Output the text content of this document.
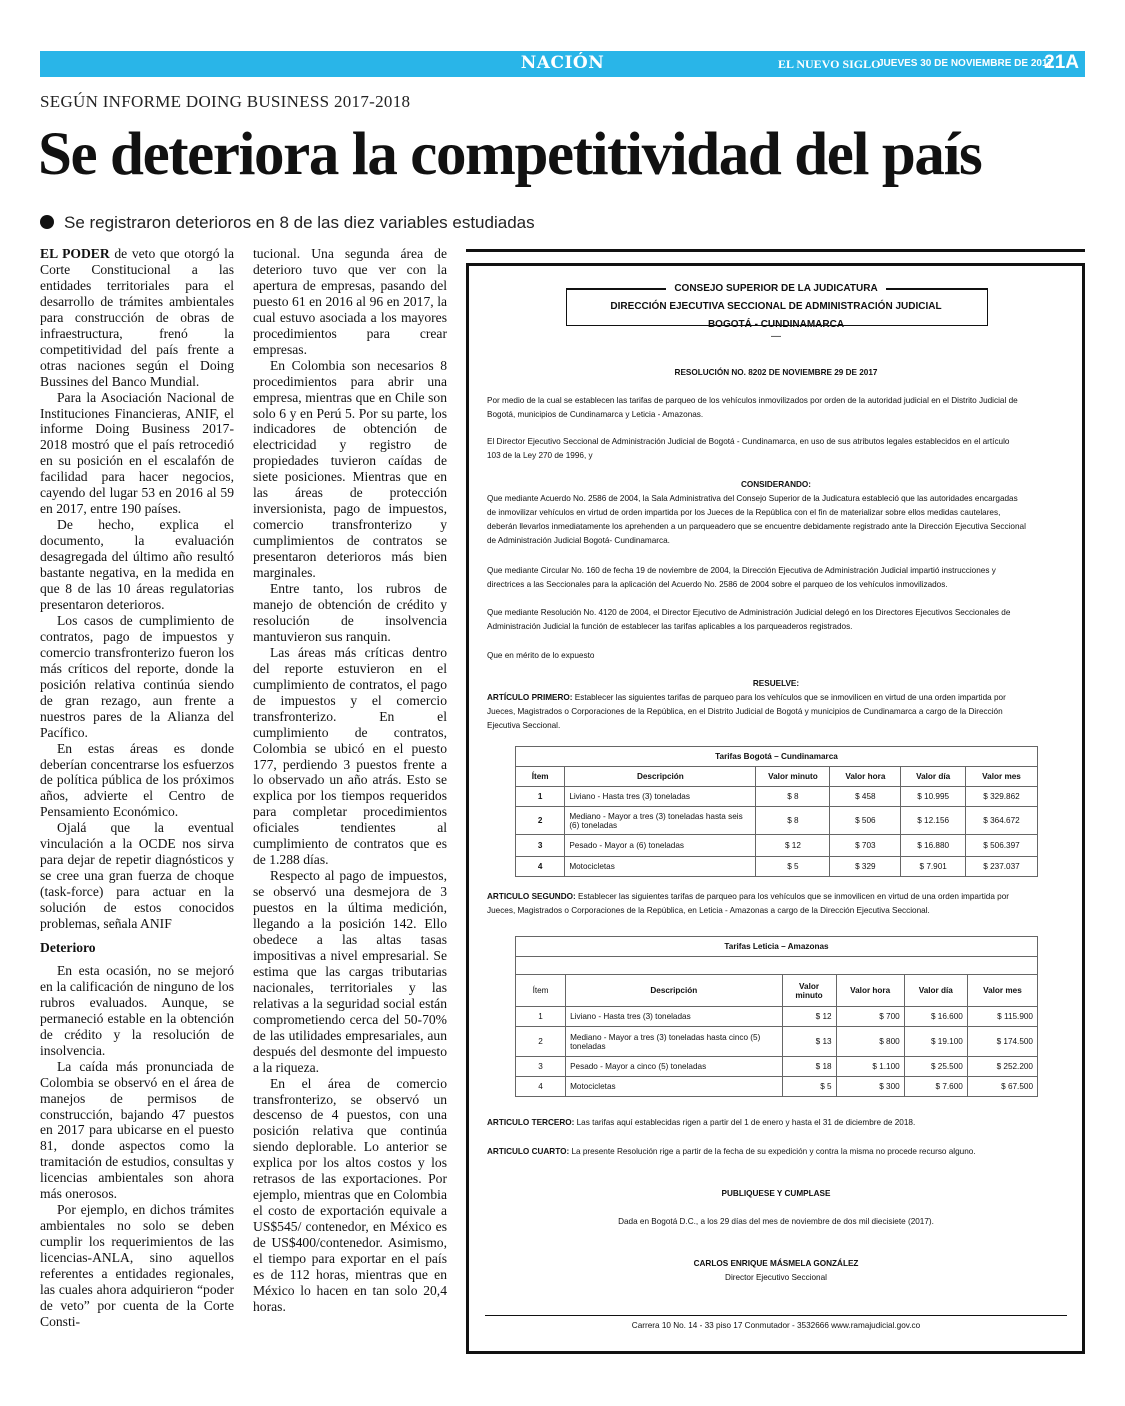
NACIÓN	EL NUEVO SIGLO
JUEVES 30 DE NOVIEMBRE DE 2017
21A
SEGÚN INFORME DOING BUSINESS 2017-2018
Se deteriora la competitividad del país
Se registraron deterioros en 8 de las diez variables estudiadas

EL PODER de veto que otorgó la Corte Constitucional a las entidades territoriales para el desarrollo de trámites ambientales para construcción de obras de infraestructura, frenó la competitividad del país frente a otras naciones según el Doing Bussines del Banco Mundial.

Para la Asociación Nacional de Instituciones Financieras, ANIF, el informe Doing Business 2017-2018 mostró que el país retrocedió en su posición en el escalafón de facilidad para hacer negocios, cayendo del lugar 53 en 2016 al 59 en 2017, entre 190 países.

De hecho, explica el documento, la evaluación desagregada del último año resultó bastante negativa, en la medida en que 8 de las 10 áreas regulatorias presentaron deterioros.

Los casos de cumplimiento de contratos, pago de impuestos y comercio transfronterizo fueron los más críticos del reporte, donde la posición relativa continúa siendo de gran rezago, aun frente a nuestros pares de la Alianza del Pacífico.

En estas áreas es donde deberían concentrarse los esfuerzos de política pública de los próximos años, advierte el Centro de Pensamiento Económico.

Ojalá que la eventual vinculación a la OCDE nos sirva para dejar de repetir diagnósticos y se cree una gran fuerza de choque (task-force) para actuar en la solución de estos conocidos problemas, señala ANIF

Deterioro

En esta ocasión, no se mejoró en la calificación de ninguno de los rubros evaluados. Aunque, se permaneció estable en la obtención de crédito y la resolución de insolvencia.

La caída más pronunciada de Colombia se observó en el área de manejos de permisos de construcción, bajando 47 puestos en 2017 para ubicarse en el puesto 81, donde aspectos como la tramitación de estudios, consultas y licencias ambientales son ahora más onerosos.

Por ejemplo, en dichos trámites ambientales no solo se deben cumplir los requerimientos de las licencias-ANLA, sino aquellos referentes a entidades regionales, las cuales ahora adquirieron “poder de veto” por cuenta de la Corte Consti-

tucional. Una segunda área de deterioro tuvo que ver con la apertura de empresas, pasando del puesto 61 en 2016 al 96 en 2017, la cual estuvo asociada a los mayores procedimientos para crear empresas.

En Colombia son necesarios 8 procedimientos para abrir una empresa, mientras que en Chile son solo 6 y en Perú 5. Por su parte, los indicadores de obtención de electricidad y registro de propiedades tuvieron caídas de siete posiciones. Mientras que en las áreas de protección inversionista, pago de impuestos, comercio transfronterizo y cumplimientos de contratos se presentaron deterioros más bien marginales.

Entre tanto, los rubros de manejo de obtención de crédito y resolución de insolvencia mantuvieron sus ranquin.

Las áreas más críticas dentro del reporte estuvieron en el cumplimiento de contratos, el pago de impuestos y el comercio transfronterizo. En el cumplimiento de contratos, Colombia se ubicó en el puesto 177, perdiendo 3 puestos frente a lo observado un año atrás. Esto se explica por los tiempos requeridos para completar procedimientos oficiales tendientes al cumplimiento de contratos que es de 1.288 días.

Respecto al pago de impuestos, se observó una desmejora de 3 puestos en la última medición, llegando a la posición 142. Ello obedece a las altas tasas impositivas a nivel empresarial. Se estima que las cargas tributarias nacionales, territoriales y las relativas a la seguridad social están comprometiendo cerca del 50-70% de las utilidades empresariales, aun después del desmonte del impuesto a la riqueza.

En el área de comercio transfronterizo, se observó un descenso de 4 puestos, con una posición relativa que continúa siendo deplorable. Lo anterior se explica por los altos costos y los retrasos de las exportaciones. Por ejemplo, mientras que en Colombia el costo de exportación equivale a US$545/ contenedor, en México es de US$400/contenedor. Asimismo, el tiempo para exportar en el país es de 112 horas, mientras que en México lo hacen en tan solo 20,4 horas.

CONSEJO SUPERIOR DE LA JUDICATURA
DIRECCIÓN EJECUTIVA SECCIONAL DE ADMINISTRACIÓN JUDICIAL
BOGOTÁ - CUNDINAMARCA
—
RESOLUCIÓN NO. 8202 DE NOVIEMBRE 29 DE 2017
Por medio de la cual se establecen las tarifas de parqueo de los vehículos inmovilizados por orden de la autoridad judicial en el Distrito Judicial de
Bogotá, municipios de Cundinamarca y Leticia - Amazonas.
El Director Ejecutivo Seccional de Administración Judicial de Bogotá - Cundinamarca, en uso de sus atributos legales establecidos en el artículo
103 de la Ley 270 de 1996, y
CONSIDERANDO:
Que mediante Acuerdo No. 2586 de 2004, la Sala Administrativa del Consejo Superior de la Judicatura estableció que las autoridades encargadas
de inmovilizar vehículos en virtud de orden impartida por los Jueces de la República con el fin de materializar sobre ellos medidas cautelares,
deberán llevarlos inmediatamente los aprehenden a un parqueadero que se encuentre debidamente registrado ante la Dirección Ejecutiva Seccional
de Administración Judicial Bogotá- Cundinamarca.
Que mediante Circular No. 160 de fecha 19 de noviembre de 2004, la Dirección Ejecutiva de Administración Judicial impartió instrucciones y
directrices a las Seccionales para la aplicación del Acuerdo No. 2586 de 2004 sobre el parqueo de los vehículos inmovilizados.
Que mediante Resolución No. 4120 de 2004, el Director Ejecutivo de Administración Judicial delegó en los Directores Ejecutivos Seccionales de
Administración Judicial la función de establecer las tarifas aplicables a los parqueaderos registrados.
Que en mérito de lo expuesto
RESUELVE:
ARTÍCULO PRIMERO: Establecer las siguientes tarifas de parqueo para los vehículos que se inmovilicen en virtud de una orden impartida por
Jueces, Magistrados o Corporaciones de la República, en el Distrito Judicial de Bogotá y municipios de Cundinamarca a cargo de la Dirección
Ejecutiva Seccional.
Tarifas Bogotá – Cundinamarca					
Ítem	Descripción	Valor minuto	Valor hora	Valor día	Valor mes
1	Liviano - Hasta tres (3) toneladas	$ 8	$ 458	$ 10.995	$ 329.862
2	Mediano - Mayor a tres (3) toneladas hasta seis (6) toneladas	$ 8	$ 506	$ 12.156	$ 364.672
3	Pesado - Mayor a (6) toneladas	$ 12	$ 703	$ 16.880	$ 506.397
4	Motocicletas	$ 5	$ 329	$ 7.901	$ 237.037
ARTICULO SEGUNDO: Establecer las siguientes tarifas de parqueo para los vehículos que se inmovilicen en virtud de una orden impartida por
Jueces, Magistrados o Corporaciones de la República, en Leticia - Amazonas a cargo de la Dirección Ejecutiva Seccional.
Tarifas Leticia – Amazonas					

Ítem	Descripción	Valor minuto	Valor hora	Valor día	Valor mes
1	Liviano - Hasta tres (3) toneladas	$ 12	$ 700	$ 16.600	$ 115.900
2	Mediano - Mayor a tres (3) toneladas hasta cinco (5) toneladas	$ 13	$ 800	$ 19.100	$ 174.500
3	Pesado - Mayor a cinco (5) toneladas	$ 18	$ 1.100	$ 25.500	$ 252.200
4	Motocicletas	$ 5	$ 300	$ 7.600	$ 67.500
ARTICULO TERCERO: Las tarifas aquí establecidas rigen a partir del 1 de enero y hasta el 31 de diciembre de 2018.
ARTICULO CUARTO: La presente Resolución rige a partir de la fecha de su expedición y contra la misma no procede recurso alguno.
PUBLIQUESE Y CUMPLASE
Dada en Bogotá D.C., a los 29 días del mes de noviembre de dos mil diecisiete (2017).
CARLOS ENRIQUE MÁSMELA GONZÁLEZ
Director Ejecutivo Seccional
Carrera 10 No. 14 - 33 piso 17 Conmutador - 3532666 www.ramajudicial.gov.co
